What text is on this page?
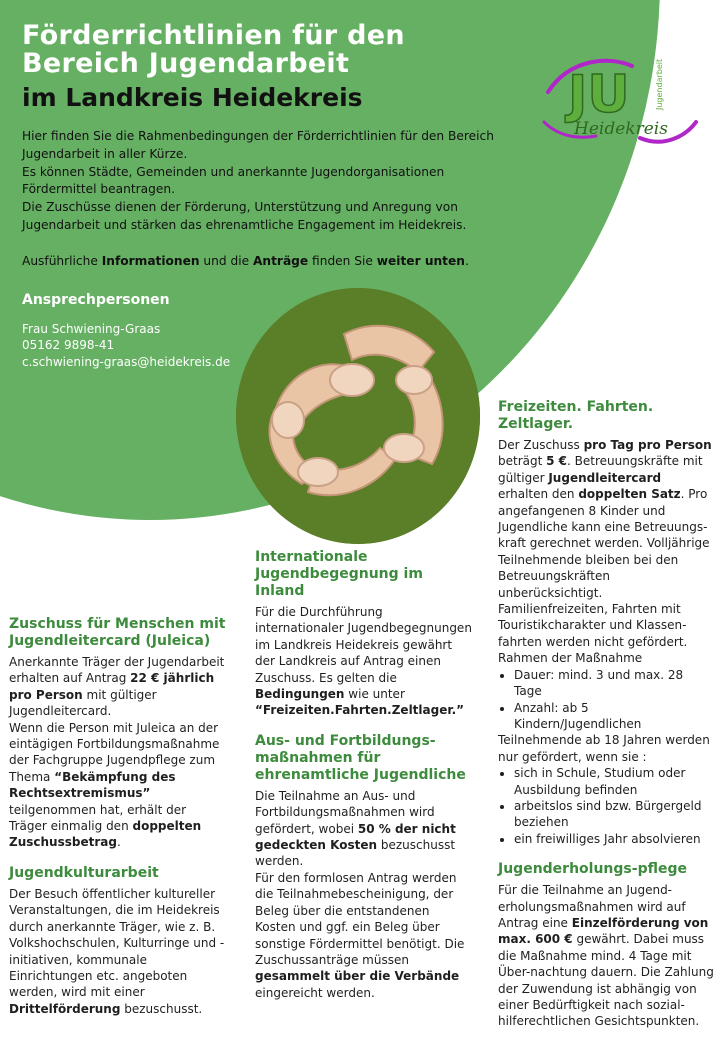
Förderrichtlinien für den
Bereich Jugendarbeit
im Landkreis Heidekreis

Hier finden Sie die Rahmenbedingungen der Förderrichtlinien für den Bereich Jugendarbeit in aller Kürze.

Es können Städte, Gemeinden und anerkannte Jugendorganisationen Fördermittel beantragen.

Die Zuschüsse dienen der Förderung, Unterstützung und Anregung von Jugendarbeit und stärken das ehrenamtliche Engagement im Heidekreis.

Ausführliche Informationen und die Anträge finden Sie weiter unten.

Ansprechpersonen
Frau Schwiening-Graas
05162 9898-41
c.schwiening-graas@heidekreis.de
JU	Jugendarbeit
Heidekreis
Zuschuss für Menschen mit Jugendleitercard (Juleica)

Anerkannte Träger der Jugendarbeit erhalten auf Antrag 22 € jährlich pro Person mit gültiger Jugendleitercard.

Wenn die Person mit Juleica an der eintägigen Fortbildungsmaßnahme der Fachgruppe Jugendpflege zum Thema “Bekämpfung des Rechtsextremismus” teilgenommen hat, erhält der Träger einmalig den doppelten Zuschussbetrag.

Jugendkulturarbeit

Der Besuch öffentlicher kultureller Veranstaltungen, die im Heidekreis durch anerkannte Träger, wie z. B. Volkshochschulen, Kulturringe und -initiativen, kommunale Einrichtungen etc. angeboten werden, wird mit einer Drittelförderung bezuschusst.

Internationale Jugendbegegnung im Inland

Für die Durchführung internationaler Jugendbegegnungen im Landkreis Heidekreis gewährt der Landkreis auf Antrag einen Zuschuss. Es gelten die Bedingungen wie unter “Freizeiten.Fahrten.Zeltlager.”

Aus- und Fortbildungs-maßnahmen für ehrenamtliche Jugendliche

Die Teilnahme an Aus- und Fortbildungsmaßnahmen wird gefördert, wobei 50 % der nicht gedeckten Kosten bezuschusst werden.

Für den formlosen Antrag werden die Teilnahmebescheinigung, der Beleg über die entstandenen Kosten und ggf. ein Beleg über sonstige Fördermittel benötigt. Die Zuschussanträge müssen gesammelt über die Verbände eingereicht werden.

Freizeiten. Fahrten. Zeltlager.

Der Zuschuss pro Tag pro Person beträgt 5 €. Betreuungskräfte mit gültiger Jugendleitercard erhalten den doppelten Satz. Pro angefangenen 8 Kinder und Jugendliche kann eine Betreuungs-kraft gerechnet werden. Volljährige Teilnehmende bleiben bei den Betreuungskräften unberücksichtigt.

Familienfreizeiten, Fahrten mit Touristikcharakter und Klassen-fahrten werden nicht gefördert.

Rahmen der Maßnahme

• Dauer: mind. 3 und max. 28 Tage
• Anzahl: ab 5 Kindern/Jugendlichen

Teilnehmende ab 18 Jahren werden nur gefördert, wenn sie :

• sich in Schule, Studium oder Ausbildung befinden
• arbeitslos sind bzw. Bürgergeld beziehen
• ein freiwilliges Jahr absolvieren
Jugenderholungs-pflege

Für die Teilnahme an Jugend-erholungsmaßnahmen wird auf Antrag eine Einzelförderung von max. 600 € gewährt. Dabei muss die Maßnahme mind. 4 Tage mit Über-nachtung dauern. Die Zahlung der Zuwendung ist abhängig von einer Bedürftigkeit nach sozial-hilferechtlichen Gesichtspunkten.
